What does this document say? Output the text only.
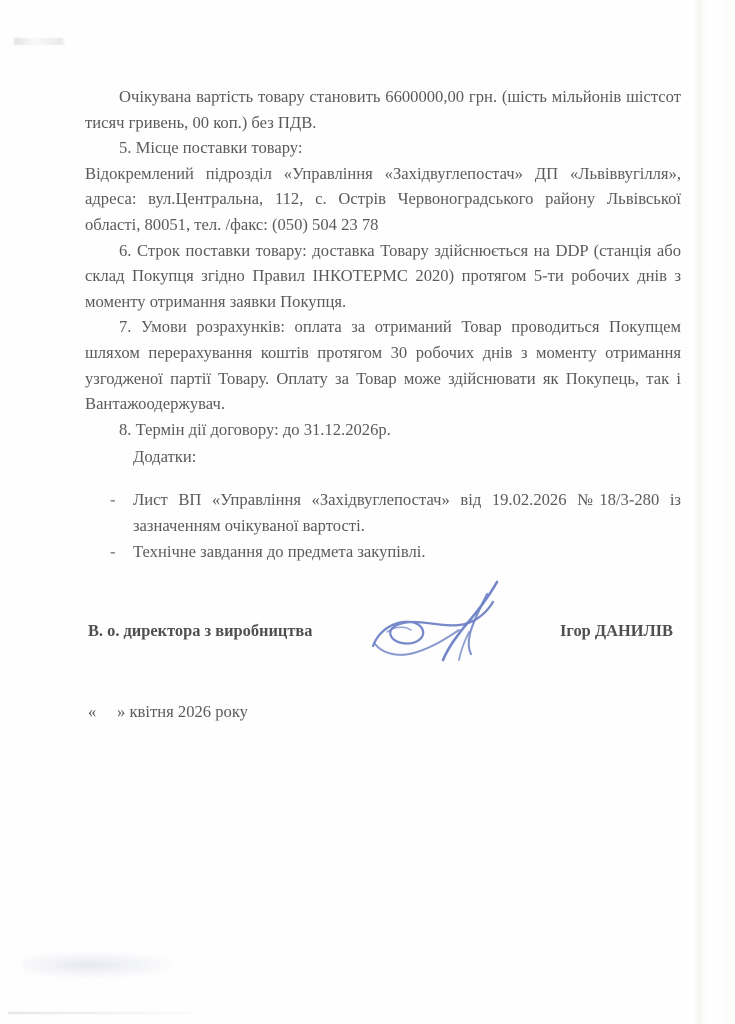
Очікувана вартість товару становить 6600000,00 грн. (шість мільйонів шістсот тисяч гривень, 00 коп.) без ПДВ.

5. Місце поставки товару:

Відокремлений підрозділ «Управління «Західвуглепостач» ДП «Львіввугілля», адреса: вул.Центральна, 112, с. Острів Червоноградського району Львівської області, 80051, тел. /факс: (050) 504 23 78

6. Строк поставки товару: доставка Товару здійснюється на DDP (станція або склад Покупця згідно Правил ІНКОТЕРМС 2020) протягом 5-ти робочих днів з моменту отримання заявки Покупця.

7. Умови розрахунків: оплата за отриманий Товар проводиться Покупцем шляхом перерахування коштів протягом 30 робочих днів з моменту отримання узгодженої партії Товару. Оплату за Товар може здійснювати як Покупець, так і Вантажоодержувач.

8. Термін дії договору: до 31.12.2026р.

Додатки:
-	Лист ВП «Управління «Західвуглепостач» від 19.02.2026 №18/3-280 із зазначенням очікуваної вартості.
-	Технічне завдання до предмета закупівлі.
В. о. директора з виробництва	Ігор ДАНИЛІВ
«     » квітня 2026 року
